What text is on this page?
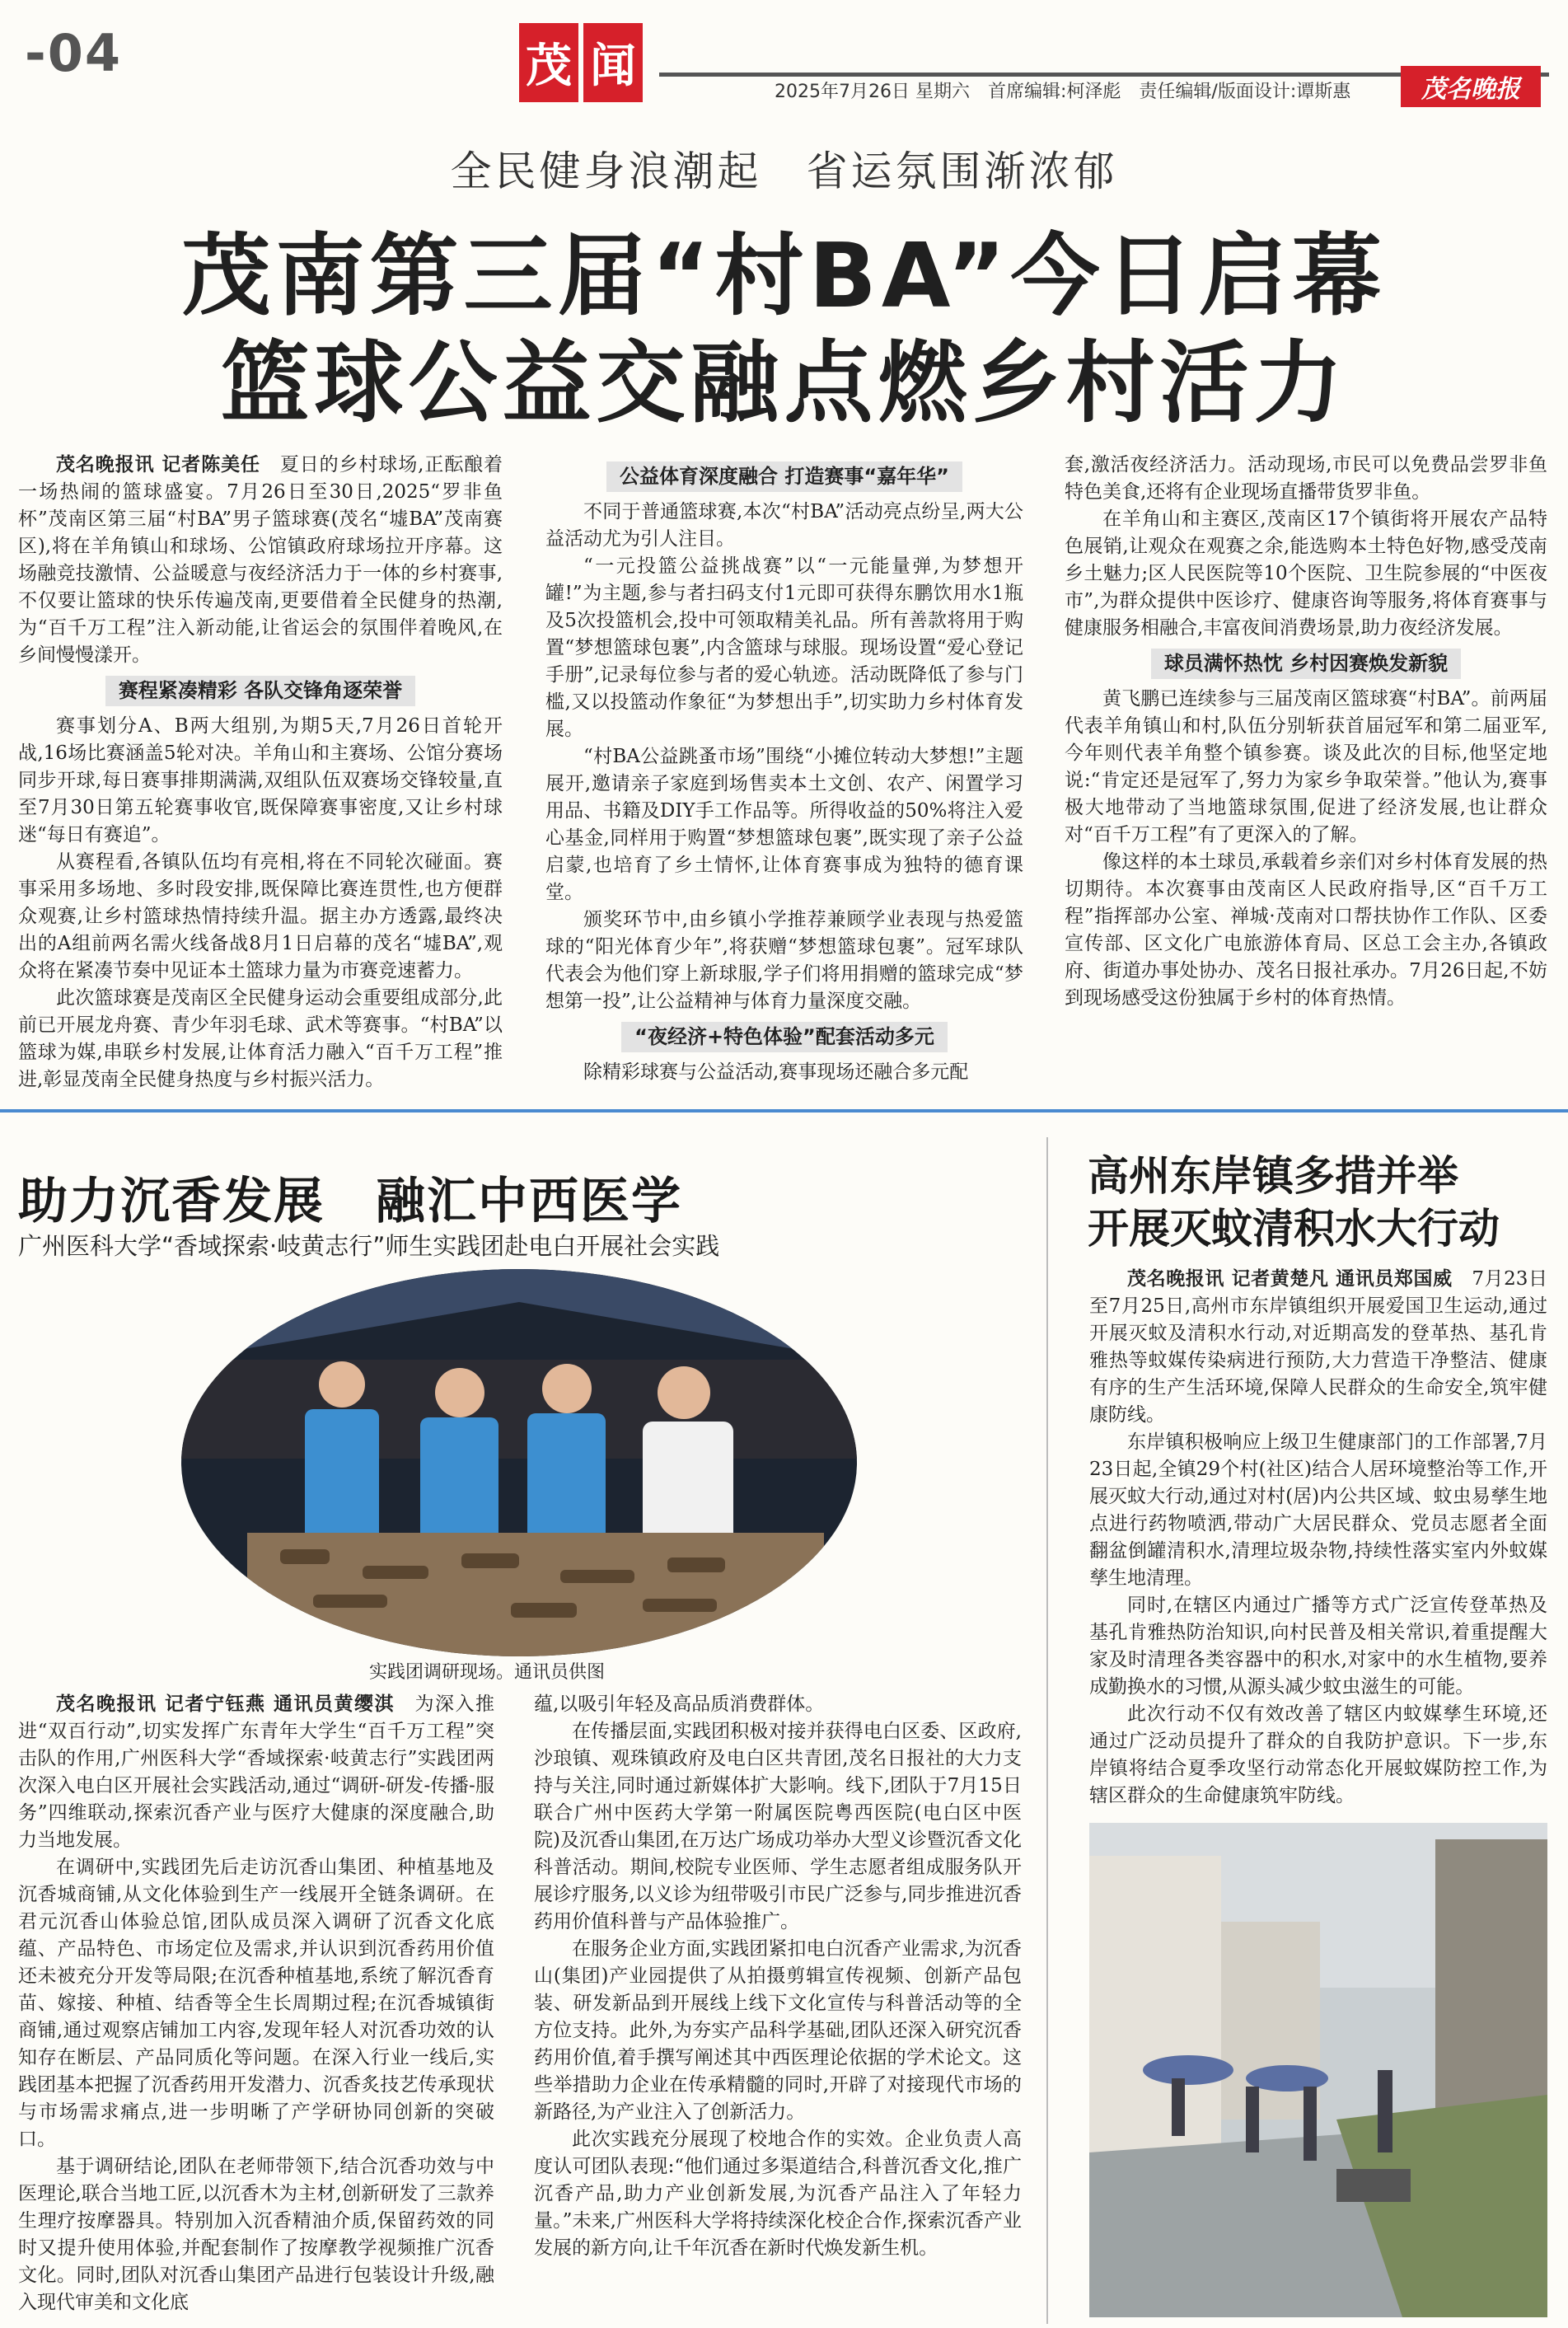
-04	茂 闻	2025年7月26日 星期六 首席编辑:柯泽彪 责任编辑/版面设计:谭斯惠	茂名晚报
全民健身浪潮起　省运氛围渐浓郁
茂南第三届“村BA”今日启幕
篮球公益交融点燃乡村活力

茂名晚报讯 记者陈美任　 夏日的乡村球场,正酝酿着一场热闹的篮球盛宴。7月26日至30日,2025“罗非鱼杯”茂南区第三届“村BA”男子篮球赛(茂名“墟BA”茂南赛区),将在羊角镇山和球场、公馆镇政府球场拉开序幕。这场融竞技激情、公益暖意与夜经济活力于一体的乡村赛事,不仅要让篮球的快乐传遍茂南,更要借着全民健身的热潮,为“百千万工程”注入新动能,让省运会的氛围伴着晚风,在乡间慢慢漾开。

赛程紧凑精彩 各队交锋角逐荣誉

赛事划分A、B两大组别,为期5天,7月26日首轮开战,16场比赛涵盖5轮对决。羊角山和主赛场、公馆分赛场同步开球,每日赛事排期满满,双组队伍双赛场交锋较量,直至7月30日第五轮赛事收官,既保障赛事密度,又让乡村球迷“每日有赛追”。

从赛程看,各镇队伍均有亮相,将在不同轮次碰面。赛事采用多场地、多时段安排,既保障比赛连贯性,也方便群众观赛,让乡村篮球热情持续升温。据主办方透露,最终决出的A组前两名需火线备战8月1日启幕的茂名“墟BA”,观众将在紧凑节奏中见证本土篮球力量为市赛竞速蓄力。

此次篮球赛是茂南区全民健身运动会重要组成部分,此前已开展龙舟赛、青少年羽毛球、武术等赛事。“村BA”以篮球为媒,串联乡村发展,让体育活力融入“百千万工程”推进,彰显茂南全民健身热度与乡村振兴活力。

公益体育深度融合 打造赛事“嘉年华”

不同于普通篮球赛,本次“村BA”活动亮点纷呈,两大公益活动尤为引人注目。

“一元投篮公益挑战赛”以“一元能量弹,为梦想开罐!”为主题,参与者扫码支付1元即可获得东鹏饮用水1瓶及5次投篮机会,投中可领取精美礼品。所有善款将用于购置“梦想篮球包裹”,内含篮球与球服。现场设置“爱心登记手册”,记录每位参与者的爱心轨迹。活动既降低了参与门槛,又以投篮动作象征“为梦想出手”,切实助力乡村体育发展。

“村BA公益跳蚤市场”围绕“小摊位转动大梦想!”主题展开,邀请亲子家庭到场售卖本土文创、农产、闲置学习用品、书籍及DIY手工作品等。所得收益的50%将注入爱心基金,同样用于购置“梦想篮球包裹”,既实现了亲子公益启蒙,也培育了乡土情怀,让体育赛事成为独特的德育课堂。

颁奖环节中,由乡镇小学推荐兼顾学业表现与热爱篮球的“阳光体育少年”,将获赠“梦想篮球包裹”。冠军球队代表会为他们穿上新球服,学子们将用捐赠的篮球完成“梦想第一投”,让公益精神与体育力量深度交融。

“夜经济+特色体验”配套活动多元

除精彩球赛与公益活动,赛事现场还融合多元配

套,激活夜经济活力。活动现场,市民可以免费品尝罗非鱼特色美食,还将有企业现场直播带货罗非鱼。

在羊角山和主赛区,茂南区17个镇街将开展农产品特色展销,让观众在观赛之余,能选购本土特色好物,感受茂南乡土魅力;区人民医院等10个医院、卫生院参展的“中医夜市”,为群众提供中医诊疗、健康咨询等服务,将体育赛事与健康服务相融合,丰富夜间消费场景,助力夜经济发展。

球员满怀热忱 乡村因赛焕发新貌

黄飞鹏已连续参与三届茂南区篮球赛“村BA”。前两届代表羊角镇山和村,队伍分别斩获首届冠军和第二届亚军,今年则代表羊角整个镇参赛。谈及此次的目标,他坚定地说:“肯定还是冠军了,努力为家乡争取荣誉。”他认为,赛事极大地带动了当地篮球氛围,促进了经济发展,也让群众对“百千万工程”有了更深入的了解。

像这样的本土球员,承载着乡亲们对乡村体育发展的热切期待。本次赛事由茂南区人民政府指导,区“百千万工程”指挥部办公室、禅城·茂南对口帮扶协作工作队、区委宣传部、区文化广电旅游体育局、区总工会主办,各镇政府、街道办事处协办、茂名日报社承办。7月26日起,不妨到现场感受这份独属于乡村的体育热情。

助力沉香发展　融汇中西医学
广州医科大学“香域探索·岐黄志行”师生实践团赴电白开展社会实践
实践团调研现场。通讯员供图

茂名晚报讯 记者宁钰燕 通讯员黄缨淇　 为深入推进“双百行动”,切实发挥广东青年大学生“百千万工程”突击队的作用,广州医科大学“香域探索·岐黄志行”实践团两次深入电白区开展社会实践活动,通过“调研-研发-传播-服务”四维联动,探索沉香产业与医疗大健康的深度融合,助力当地发展。

在调研中,实践团先后走访沉香山集团、种植基地及沉香城商铺,从文化体验到生产一线展开全链条调研。在君元沉香山体验总馆,团队成员深入调研了沉香文化底蕴、产品特色、市场定位及需求,并认识到沉香药用价值还未被充分开发等局限;在沉香种植基地,系统了解沉香育苗、嫁接、种植、结香等全生长周期过程;在沉香城镇街商铺,通过观察店铺加工内容,发现年轻人对沉香功效的认知存在断层、产品同质化等问题。在深入行业一线后,实践团基本把握了沉香药用开发潜力、沉香炙技艺传承现状与市场需求痛点,进一步明晰了产学研协同创新的突破口。

基于调研结论,团队在老师带领下,结合沉香功效与中医理论,联合当地工匠,以沉香木为主材,创新研发了三款养生理疗按摩器具。特别加入沉香精油介质,保留药效的同时又提升使用体验,并配套制作了按摩教学视频推广沉香文化。同时,团队对沉香山集团产品进行包装设计升级,融入现代审美和文化底

蕴,以吸引年轻及高品质消费群体。

在传播层面,实践团积极对接并获得电白区委、区政府,沙琅镇、观珠镇政府及电白区共青团,茂名日报社的大力支持与关注,同时通过新媒体扩大影响。线下,团队于7月15日联合广州中医药大学第一附属医院粤西医院(电白区中医院)及沉香山集团,在万达广场成功举办大型义诊暨沉香文化科普活动。期间,校院专业医师、学生志愿者组成服务队开展诊疗服务,以义诊为纽带吸引市民广泛参与,同步推进沉香药用价值科普与产品体验推广。

在服务企业方面,实践团紧扣电白沉香产业需求,为沉香山(集团)产业园提供了从拍摄剪辑宣传视频、创新产品包装、研发新品到开展线上线下文化宣传与科普活动等的全方位支持。此外,为夯实产品科学基础,团队还深入研究沉香药用价值,着手撰写阐述其中西医理论依据的学术论文。这些举措助力企业在传承精髓的同时,开辟了对接现代市场的新路径,为产业注入了创新活力。

此次实践充分展现了校地合作的实效。企业负责人高度认可团队表现:“他们通过多渠道结合,科普沉香文化,推广沉香产品,助力产业创新发展,为沉香产品注入了年轻力量。”未来,广州医科大学将持续深化校企合作,探索沉香产业发展的新方向,让千年沉香在新时代焕发新生机。

高州东岸镇多措并举
开展灭蚊清积水大行动

茂名晚报讯 记者黄楚凡 通讯员郑国威　 7月23日至7月25日,高州市东岸镇组织开展爱国卫生运动,通过开展灭蚊及清积水行动,对近期高发的登革热、基孔肯雅热等蚊媒传染病进行预防,大力营造干净整洁、健康有序的生产生活环境,保障人民群众的生命安全,筑牢健康防线。

东岸镇积极响应上级卫生健康部门的工作部署,7月23日起,全镇29个村(社区)结合人居环境整治等工作,开展灭蚊大行动,通过对村(居)内公共区域、蚊虫易孳生地点进行药物喷洒,带动广大居民群众、党员志愿者全面翻盆倒罐清积水,清理垃圾杂物,持续性落实室内外蚊媒孳生地清理。

同时,在辖区内通过广播等方式广泛宣传登革热及基孔肯雅热防治知识,向村民普及相关常识,着重提醒大家及时清理各类容器中的积水,对家中的水生植物,要养成勤换水的习惯,从源头减少蚊虫滋生的可能。

此次行动不仅有效改善了辖区内蚊媒孳生环境,还通过广泛动员提升了群众的自我防护意识。下一步,东岸镇将结合夏季攻坚行动常态化开展蚊媒防控工作,为辖区群众的生命健康筑牢防线。
